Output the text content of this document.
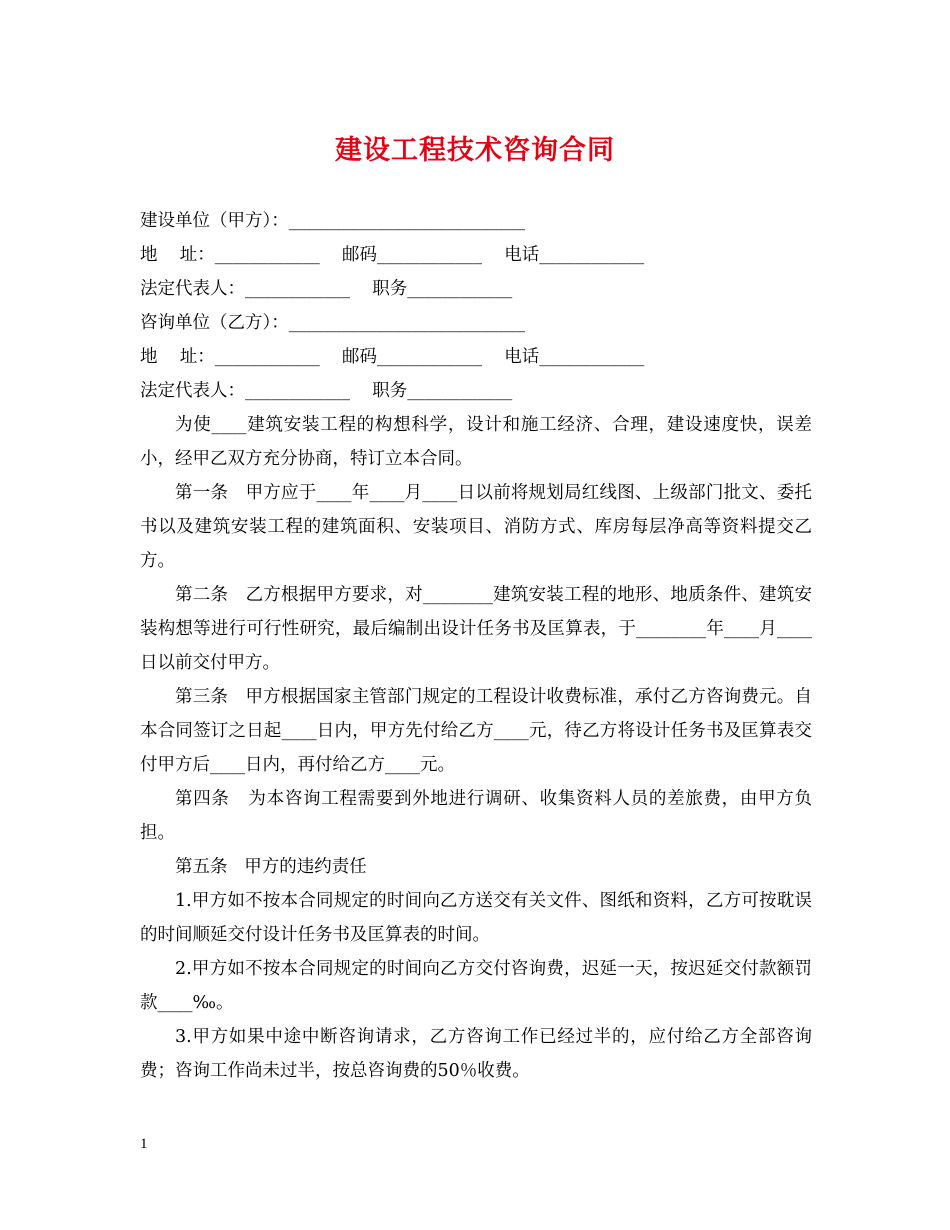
建设工程技术咨询合同
建设单位（甲方）：___________________________
地    址：____________    邮码____________    电话____________
法定代表人：____________    职务____________
咨询单位（乙方）：___________________________
地    址：____________    邮码____________    电话____________
法定代表人：____________    职务____________

为使____建筑安装工程的构想科学，设计和施工经济、合理，建设速度快，误差小，经甲乙双方充分协商，特订立本合同。

第一条   甲方应于____年____月____日以前将规划局红线图、上级部门批文、委托书以及建筑安装工程的建筑面积、安装项目、消防方式、库房每层净高等资料提交乙方。

第二条   乙方根据甲方要求，对________建筑安装工程的地形、地质条件、建筑安装构想等进行可行性研究，最后编制出设计任务书及匡算表，于________年____月____日以前交付甲方。

第三条   甲方根据国家主管部门规定的工程设计收费标准，承付乙方咨询费元。自本合同签订之日起____日内，甲方先付给乙方____元，待乙方将设计任务书及匡算表交付甲方后____日内，再付给乙方____元。

第四条   为本咨询工程需要到外地进行调研、收集资料人员的差旅费，由甲方负担。

第五条   甲方的违约责任

1.甲方如不按本合同规定的时间向乙方送交有关文件、图纸和资料，乙方可按耽误的时间顺延交付设计任务书及匡算表的时间。

2.甲方如不按本合同规定的时间向乙方交付咨询费，迟延一天，按迟延交付款额罚款____‰。

3.甲方如果中途中断咨询请求，乙方咨询工作已经过半的，应付给乙方全部咨询费；咨询工作尚未过半，按总咨询费的50％收费。

1
